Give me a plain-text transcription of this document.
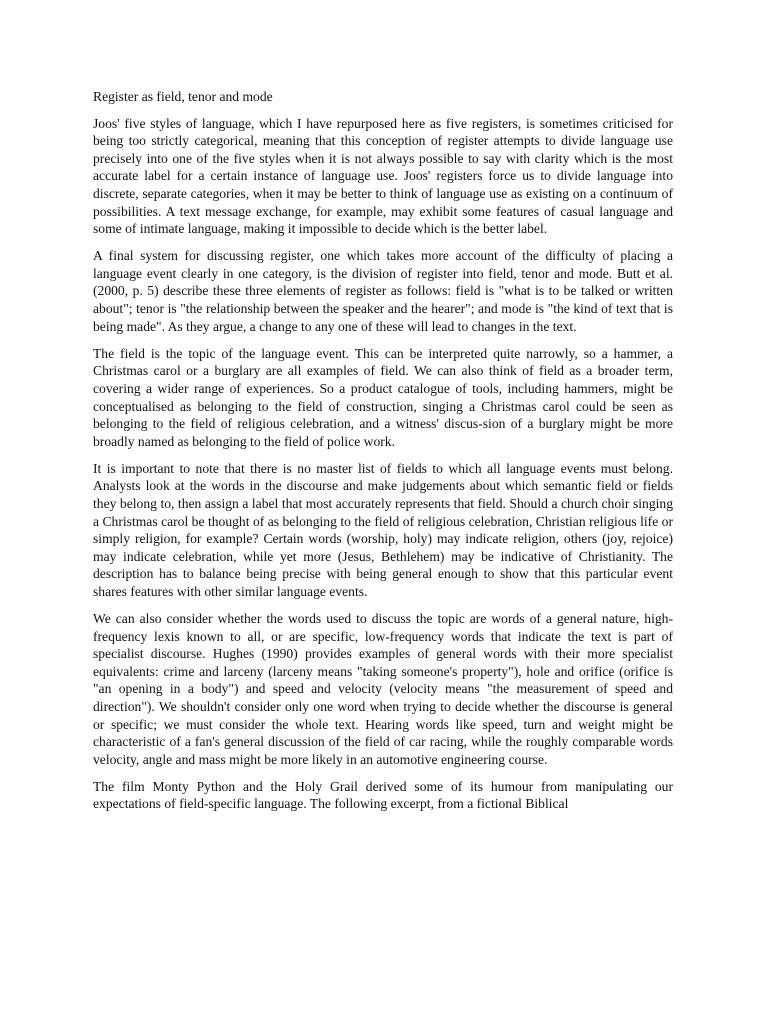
Register as field, tenor and mode

Joos' five styles of language, which I have repurposed here as five registers, is sometimes criticised for being too strictly categorical, meaning that this conception of register attempts to divide language use precisely into one of the five styles when it is not always possible to say with clarity which is the most accurate label for a certain instance of language use. Joos' registers force us to divide language into discrete, separate categories, when it may be better to think of language use as existing on a continuum of possibilities. A text message exchange, for example, may exhibit some features of casual language and some of intimate language, making it impossible to decide which is the better label.

A final system for discussing register, one which takes more account of the difficulty of placing a language event clearly in one category, is the division of register into field, tenor and mode. Butt et al. (2000, p. 5) describe these three elements of register as follows: field is "what is to be talked or written about"; tenor is "the relationship between the speaker and the hearer"; and mode is "the kind of text that is being made". As they argue, a change to any one of these will lead to changes in the text.

The field is the topic of the language event. This can be interpreted quite narrowly, so a hammer, a Christmas carol or a burglary are all examples of field. We can also think of field as a broader term, covering a wider range of experiences. So a product catalogue of tools, including hammers, might be conceptualised as belonging to the field of construction, singing a Christmas carol could be seen as belonging to the field of religious celebration, and a witness' discus-sion of a burglary might be more broadly named as belonging to the field of police work.

It is important to note that there is no master list of fields to which all language events must belong. Analysts look at the words in the discourse and make judgements about which semantic field or fields they belong to, then assign a label that most accurately represents that field. Should a church choir singing a Christmas carol be thought of as belonging to the field of religious celebration, Christian religious life or simply religion, for example? Certain words (worship, holy) may indicate religion, others (joy, rejoice) may indicate celebration, while yet more (Jesus, Bethlehem) may be indicative of Christianity. The description has to balance being precise with being general enough to show that this particular event shares features with other similar language events.

We can also consider whether the words used to discuss the topic are words of a general nature, high-frequency lexis known to all, or are specific, low-frequency words that indicate the text is part of specialist discourse. Hughes (1990) provides examples of general words with their more specialist equivalents: crime and larceny (larceny means "taking someone's property"), hole and orifice (orifice is "an opening in a body") and speed and velocity (velocity means "the measurement of speed and direction"). We shouldn't consider only one word when trying to decide whether the discourse is general or specific; we must consider the whole text. Hearing words like speed, turn and weight might be characteristic of a fan's general discussion of the field of car racing, while the roughly comparable words velocity, angle and mass might be more likely in an automotive engineering course.

The film Monty Python and the Holy Grail derived some of its humour from manipulating our expectations of field-specific language. The following excerpt, from a fictional Biblical
